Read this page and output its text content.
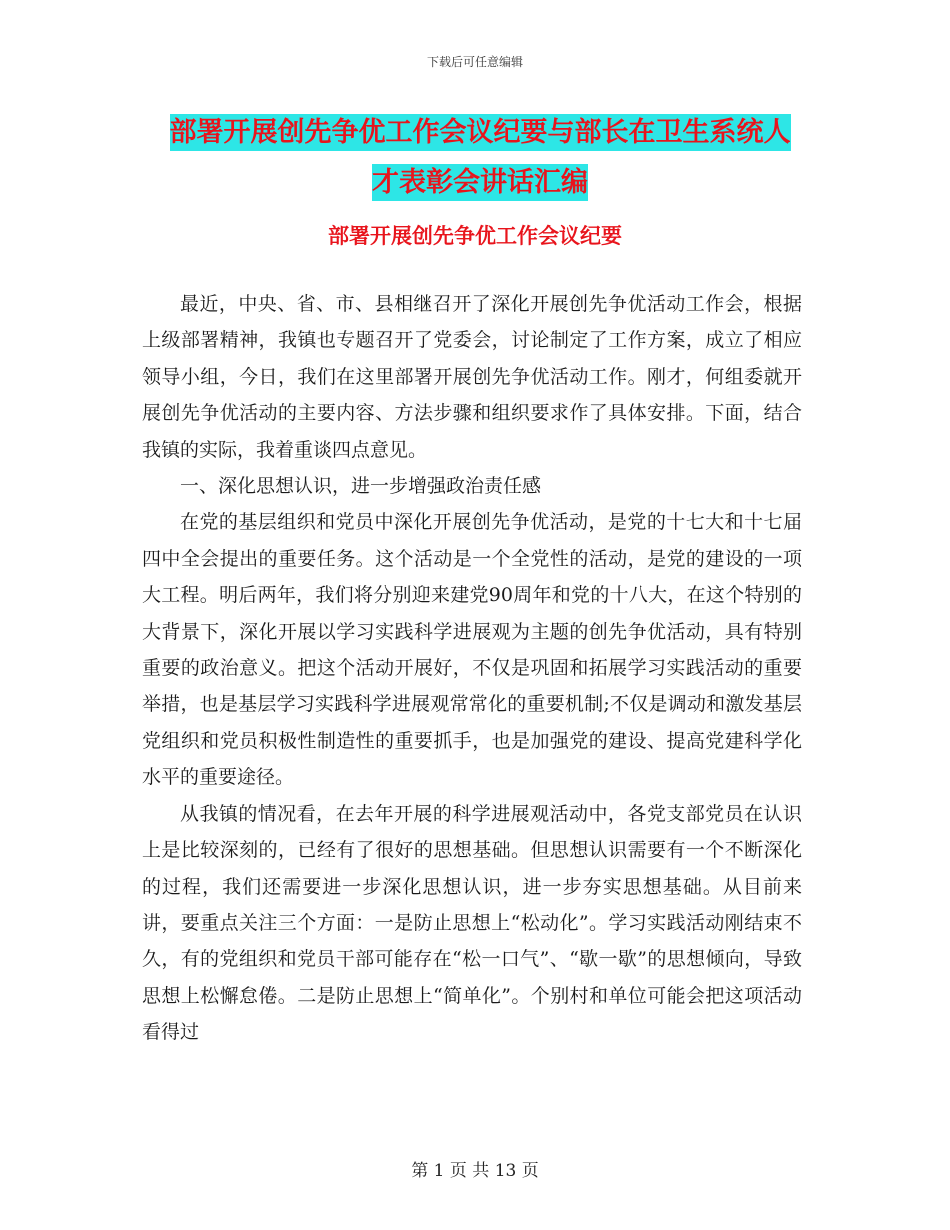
下载后可任意编辑
部署开展创先争优工作会议纪要与部长在卫生系统人
才表彰会讲话汇编
部署开展创先争优工作会议纪要

最近，中央、省、市、县相继召开了深化开展创先争优活动工作会，根据上级部署精神，我镇也专题召开了党委会，讨论制定了工作方案，成立了相应领导小组，今日，我们在这里部署开展创先争优活动工作。刚才，何组委就开展创先争优活动的主要内容、方法步骤和组织要求作了具体安排。下面，结合我镇的实际，我着重谈四点意见。

一、深化思想认识，进一步增强政治责任感

在党的基层组织和党员中深化开展创先争优活动，是党的十七大和十七届四中全会提出的重要任务。这个活动是一个全党性的活动，是党的建设的一项大工程。明后两年，我们将分别迎来建党90周年和党的十八大，在这个特别的大背景下，深化开展以学习实践科学进展观为主题的创先争优活动，具有特别重要的政治意义。把这个活动开展好，不仅是巩固和拓展学习实践活动的重要举措，也是基层学习实践科学进展观常常化的重要机制;不仅是调动和激发基层党组织和党员积极性制造性的重要抓手，也是加强党的建设、提高党建科学化水平的重要途径。

从我镇的情况看，在去年开展的科学进展观活动中，各党支部党员在认识上是比较深刻的，已经有了很好的思想基础。但思想认识需要有一个不断深化的过程，我们还需要进一步深化思想认识，进一步夯实思想基础。从目前来讲，要重点关注三个方面：一是防止思想上“松动化”。学习实践活动刚结束不久，有的党组织和党员干部可能存在“松一口气”、“歇一歇”的思想倾向，导致思想上松懈怠倦。二是防止思想上“简单化”。个别村和单位可能会把这项活动看得过

第 1 页 共 13 页
